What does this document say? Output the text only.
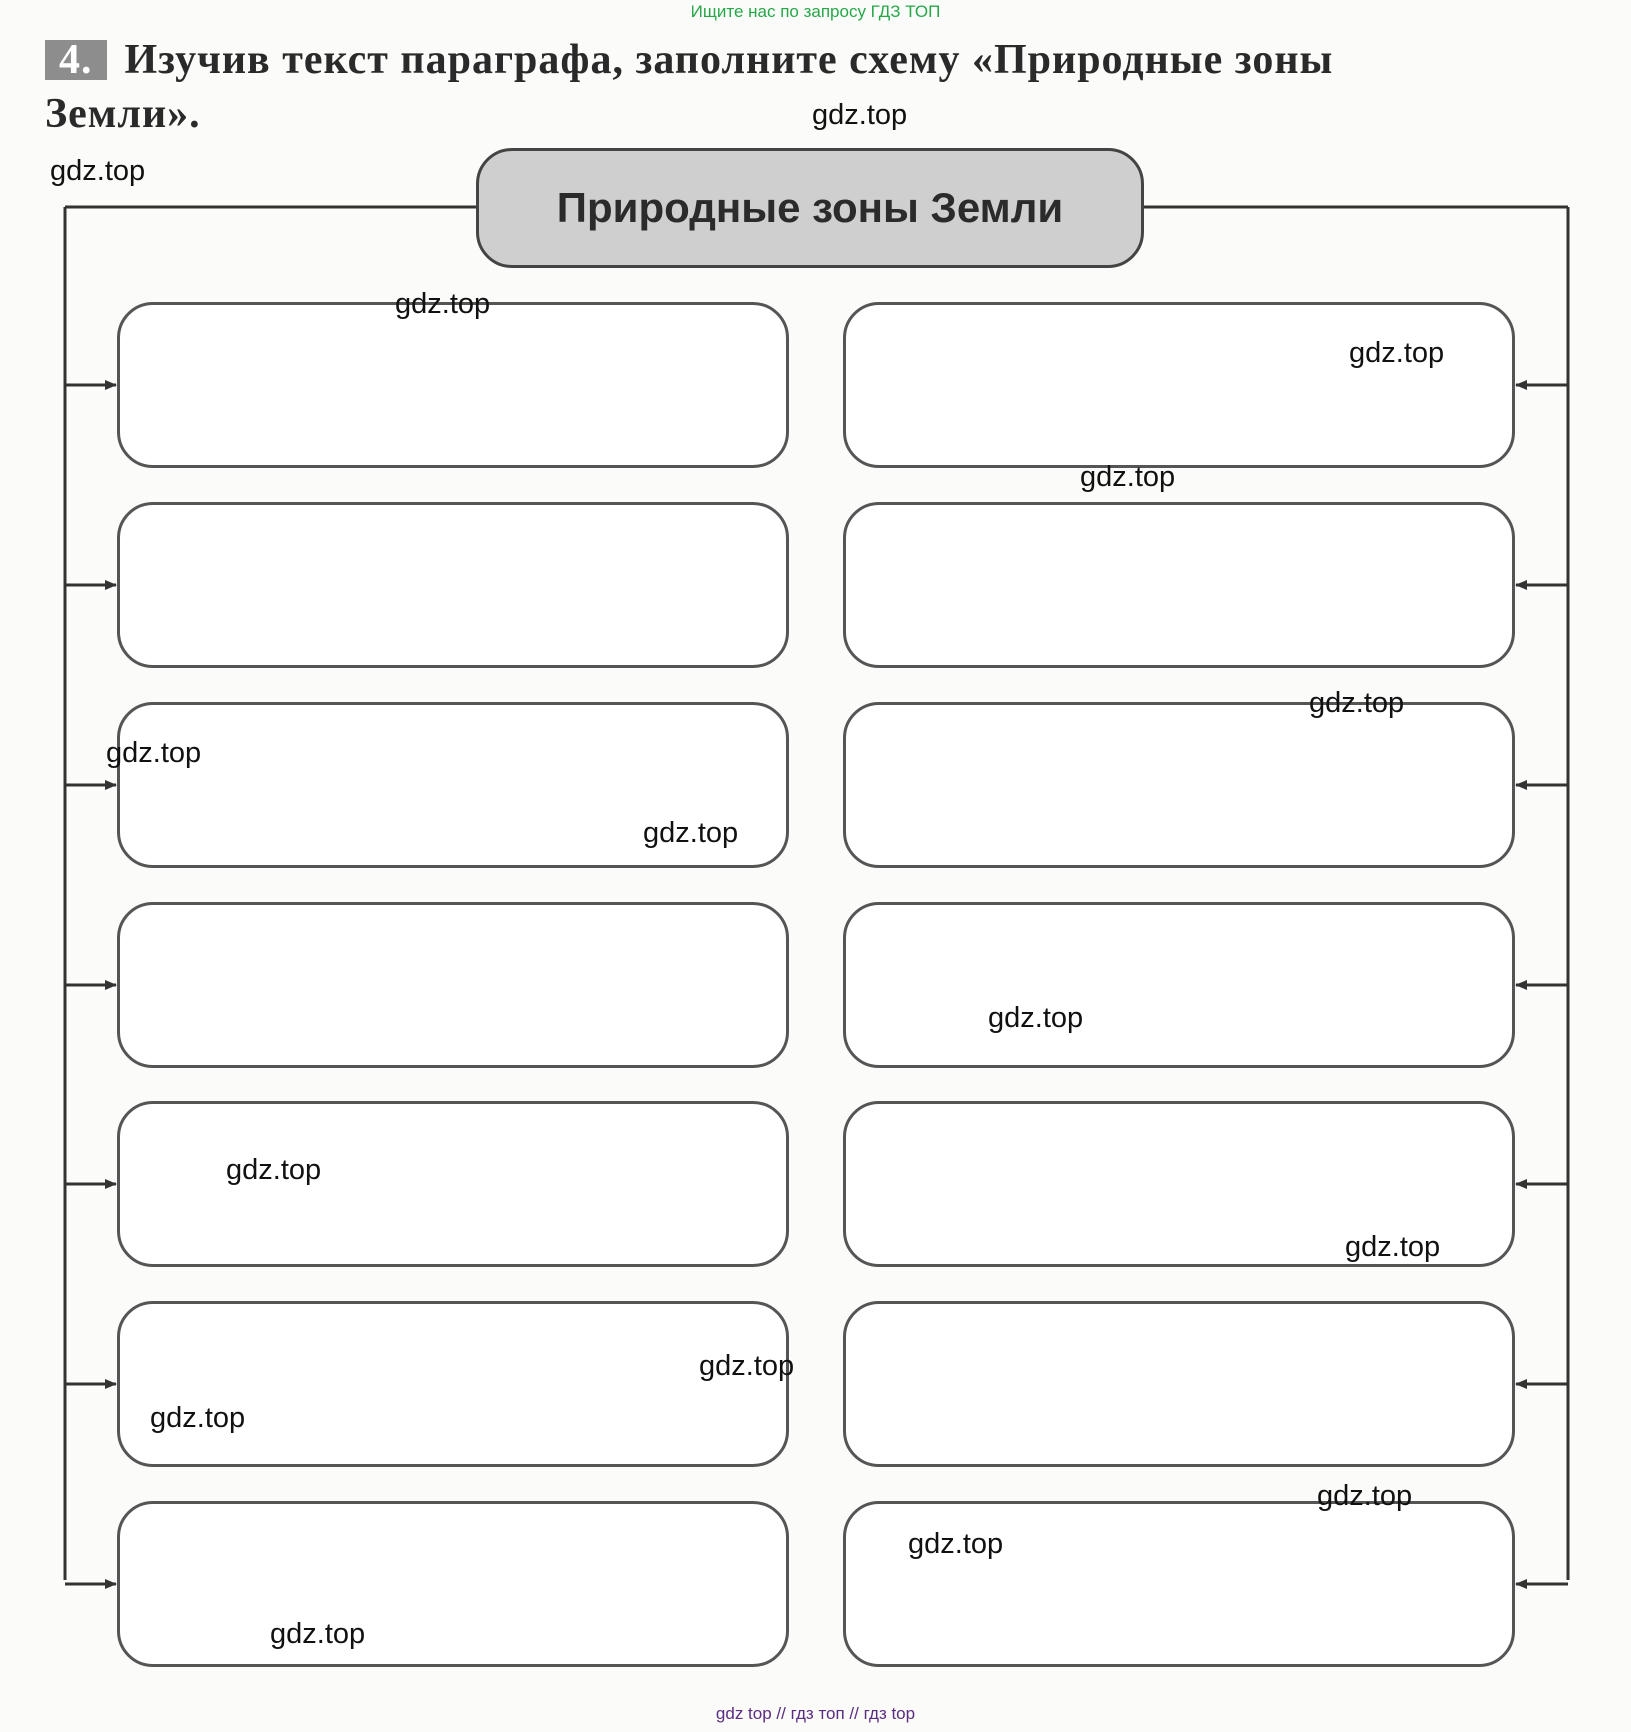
Ищите нас по запросу ГДЗ ТОП
4. Изучив текст параграфа, заполните схему «Природные зоны
Земли».
Природные зоны Земли
gdz.top
gdz.top
gdz.top
gdz.top
gdz.top
gdz.top
gdz.top
gdz.top
gdz.top
gdz.top
gdz.top
gdz.top
gdz.top
gdz.top
gdz.top
gdz.top
gdz top // гдз топ // гдз top
